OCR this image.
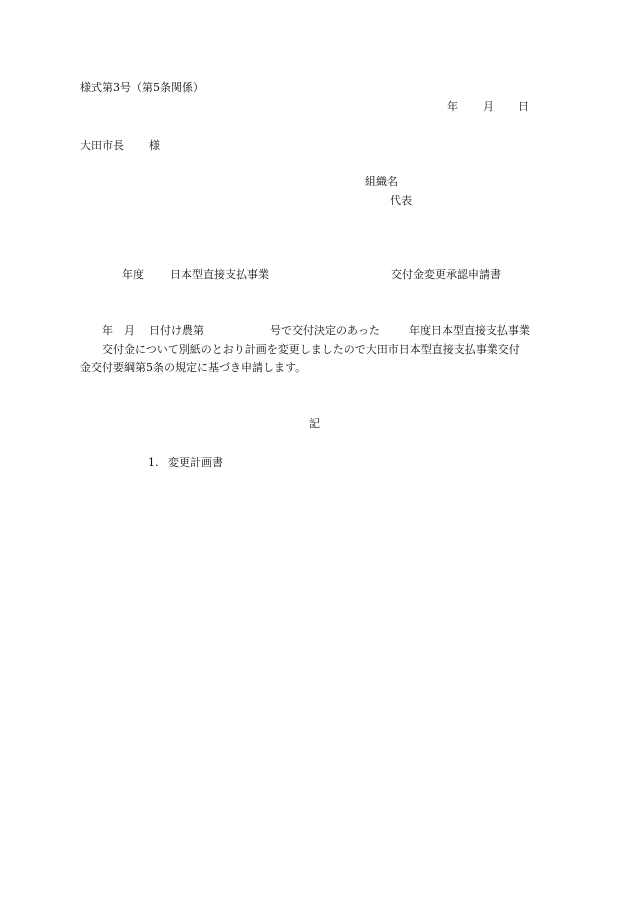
様式第3号（第5条関係）
年 月 日
大田市長 様
組織名
代表
年度 日本型直接支払事業	交付金変更承認申請書
年 月 日付け農第	号で交付決定のあった	年度日本型直接支払事業
交付金について別紙のとおり計画を変更しましたので大田市日本型直接支払事業交付
金交付要綱第5条の規定に基づき申請します。
記
1. 変更計画書
